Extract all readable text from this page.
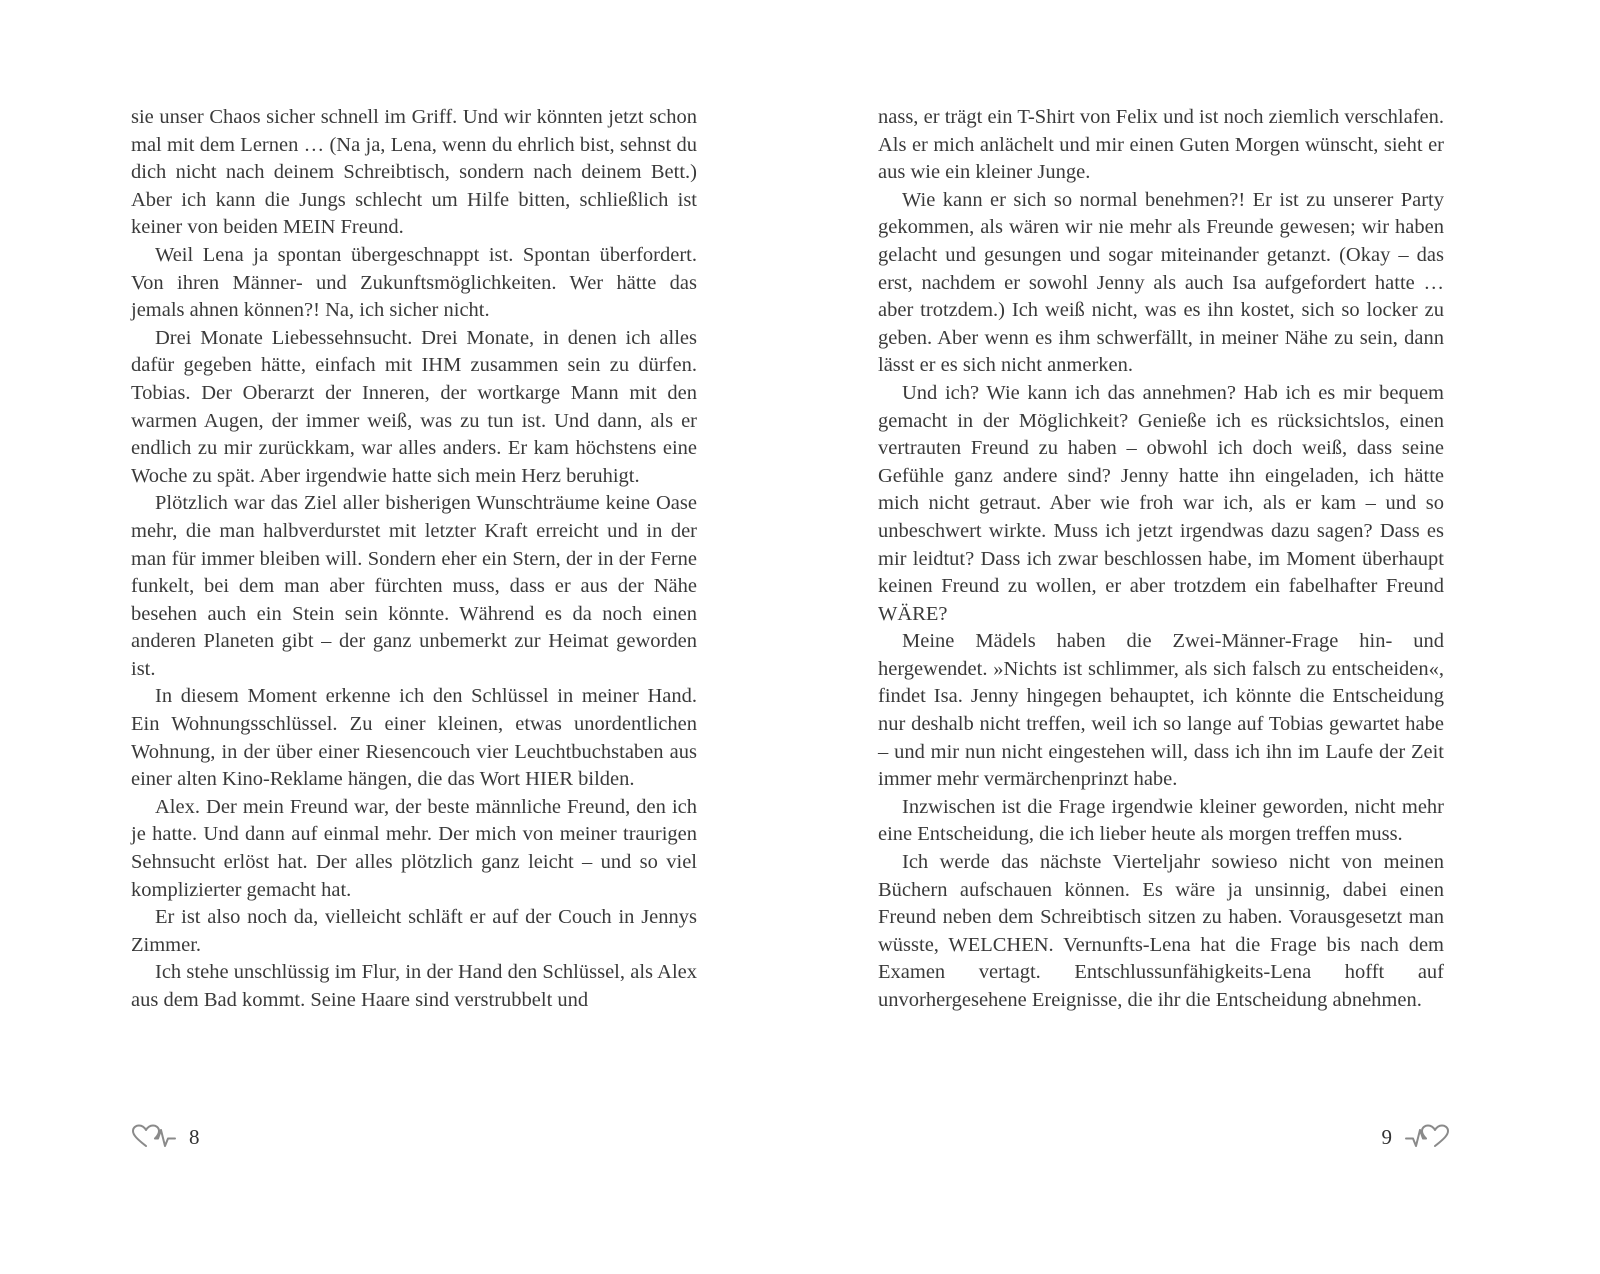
sie unser Chaos sicher schnell im Griff. Und wir könnten jetzt schon mal mit dem Lernen … (Na ja, Lena, wenn du ehrlich bist, sehnst du dich nicht nach deinem Schreibtisch, sondern nach deinem Bett.) Aber ich kann die Jungs schlecht um Hilfe bitten, schließlich ist keiner von beiden MEIN Freund.

Weil Lena ja spontan übergeschnappt ist. Spontan überfordert. Von ihren Männer- und Zukunftsmöglichkeiten. Wer hätte das jemals ahnen können?! Na, ich sicher nicht.

Drei Monate Liebessehnsucht. Drei Monate, in denen ich alles dafür gegeben hätte, einfach mit IHM zusammen sein zu dürfen. Tobias. Der Oberarzt der Inneren, der wortkarge Mann mit den warmen Augen, der immer weiß, was zu tun ist. Und dann, als er endlich zu mir zurückkam, war alles anders. Er kam höchstens eine Woche zu spät. Aber irgendwie hatte sich mein Herz beruhigt.

Plötzlich war das Ziel aller bisherigen Wunschträume keine Oase mehr, die man halbverdurstet mit letzter Kraft erreicht und in der man für immer bleiben will. Sondern eher ein Stern, der in der Ferne funkelt, bei dem man aber fürchten muss, dass er aus der Nähe besehen auch ein Stein sein könnte. Während es da noch einen anderen Planeten gibt – der ganz unbemerkt zur Heimat geworden ist.

In diesem Moment erkenne ich den Schlüssel in meiner Hand. Ein Wohnungsschlüssel. Zu einer kleinen, etwas unordentlichen Wohnung, in der über einer Riesencouch vier Leuchtbuchstaben aus einer alten Kino-Reklame hängen, die das Wort HIER bilden.

Alex. Der mein Freund war, der beste männliche Freund, den ich je hatte. Und dann auf einmal mehr. Der mich von meiner traurigen Sehnsucht erlöst hat. Der alles plötzlich ganz leicht – und so viel komplizierter gemacht hat.

Er ist also noch da, vielleicht schläft er auf der Couch in Jennys Zimmer.

Ich stehe unschlüssig im Flur, in der Hand den Schlüssel, als Alex aus dem Bad kommt. Seine Haare sind verstrubbelt und

8

nass, er trägt ein T-Shirt von Felix und ist noch ziemlich verschlafen. Als er mich anlächelt und mir einen Guten Morgen wünscht, sieht er aus wie ein kleiner Junge.

Wie kann er sich so normal benehmen?! Er ist zu unserer Party gekommen, als wären wir nie mehr als Freunde gewesen; wir haben gelacht und gesungen und sogar miteinander getanzt. (Okay – das erst, nachdem er sowohl Jenny als auch Isa aufgefordert hatte … aber trotzdem.) Ich weiß nicht, was es ihn kostet, sich so locker zu geben. Aber wenn es ihm schwerfällt, in meiner Nähe zu sein, dann lässt er es sich nicht anmerken.

Und ich? Wie kann ich das annehmen? Hab ich es mir bequem gemacht in der Möglichkeit? Genieße ich es rücksichtslos, einen vertrauten Freund zu haben – obwohl ich doch weiß, dass seine Gefühle ganz andere sind? Jenny hatte ihn eingeladen, ich hätte mich nicht getraut. Aber wie froh war ich, als er kam – und so unbeschwert wirkte. Muss ich jetzt irgendwas dazu sagen? Dass es mir leidtut? Dass ich zwar beschlossen habe, im Moment überhaupt keinen Freund zu wollen, er aber trotzdem ein fabelhafter Freund WÄRE?

Meine Mädels haben die Zwei-Männer-Frage hin- und hergewendet. »Nichts ist schlimmer, als sich falsch zu entscheiden«, findet Isa. Jenny hingegen behauptet, ich könnte die Entscheidung nur deshalb nicht treffen, weil ich so lange auf Tobias gewartet habe – und mir nun nicht eingestehen will, dass ich ihn im Laufe der Zeit immer mehr vermärchenprinzt habe.

Inzwischen ist die Frage irgendwie kleiner geworden, nicht mehr eine Entscheidung, die ich lieber heute als morgen treffen muss.

Ich werde das nächste Vierteljahr sowieso nicht von meinen Büchern aufschauen können. Es wäre ja unsinnig, dabei einen Freund neben dem Schreibtisch sitzen zu haben. Vorausgesetzt man wüsste, WELCHEN. Vernunfts-Lena hat die Frage bis nach dem Examen vertagt. Entschlussunfähigkeits-Lena hofft auf unvorhergesehene Ereignisse, die ihr die Entscheidung abnehmen.

9
